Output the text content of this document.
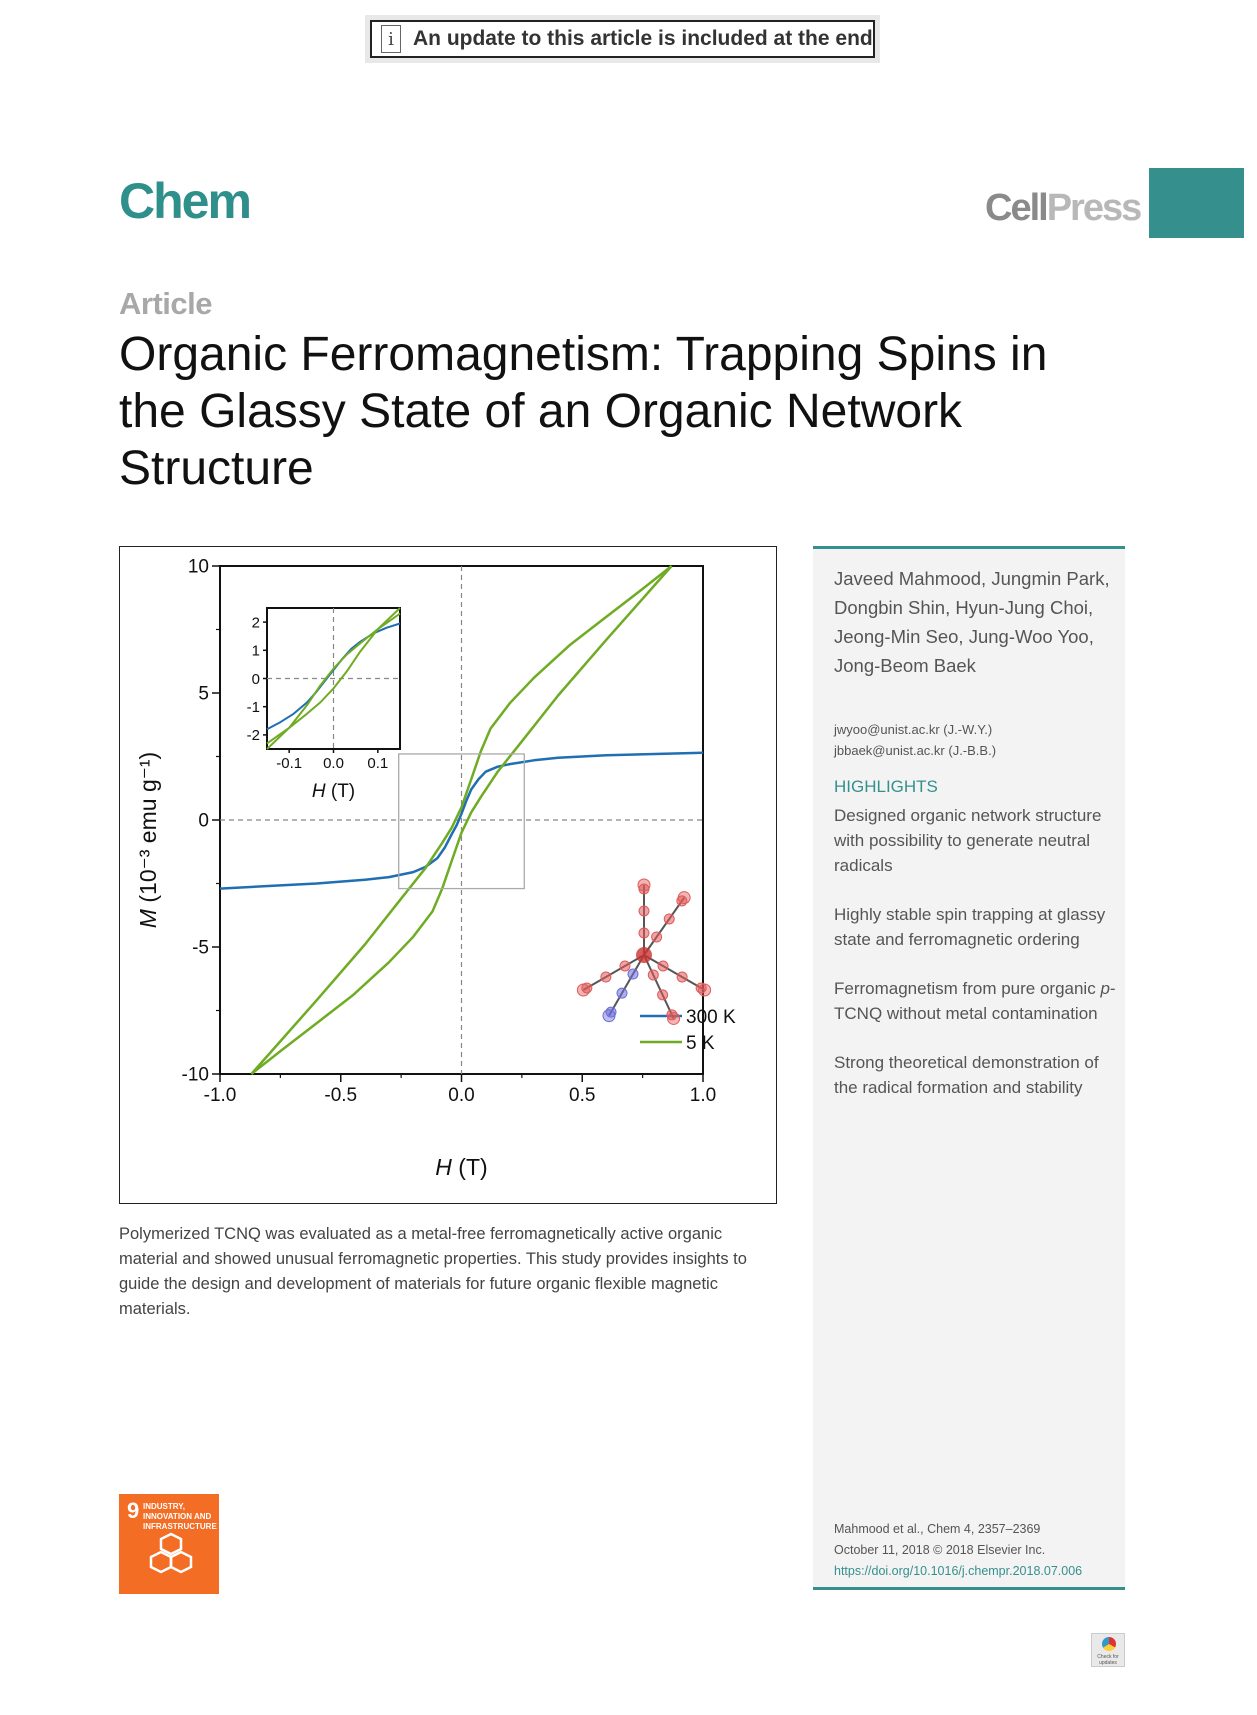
i An update to this article is included at the end
Chem	CellPress
Article
Organic Ferromagnetism: Trapping Spins in the Glassy State of an Organic Network Structure
-1.0	-0.5	0.0	0.5	1.0
10
5
0
-5
-10
H (T)
M (10⁻³ emu g⁻¹)
300 K
5 K
-0.1 0.0 0.1
2
1
0
-1
-2
H (T)
Polymerized TCNQ was evaluated as a metal-free ferromagnetically active organic material and showed unusual ferromagnetic properties. This study provides insights to guide the design and development of materials for future organic flexible magnetic materials.
Javeed Mahmood, Jungmin Park, Dongbin Shin, Hyun-Jung Choi, Jeong-Min Seo, Jung-Woo Yoo, Jong-Beom Baek
jwyoo@unist.ac.kr (J.-W.Y.)
jbbaek@unist.ac.kr (J.-B.B.)
HIGHLIGHTS
Designed organic network structure with possibility to generate neutral radicals
Highly stable spin trapping at glassy state and ferromagnetic ordering
Ferromagnetism from pure organic p-TCNQ without metal contamination
Strong theoretical demonstration of the radical formation and stability
Mahmood et al., Chem 4, 2357–2369
October 11, 2018 © 2018 Elsevier Inc.
https://doi.org/10.1016/j.chempr.2018.07.006
9 INDUSTRY, INNOVATION AND INFRASTRUCTURE
Check for updates
